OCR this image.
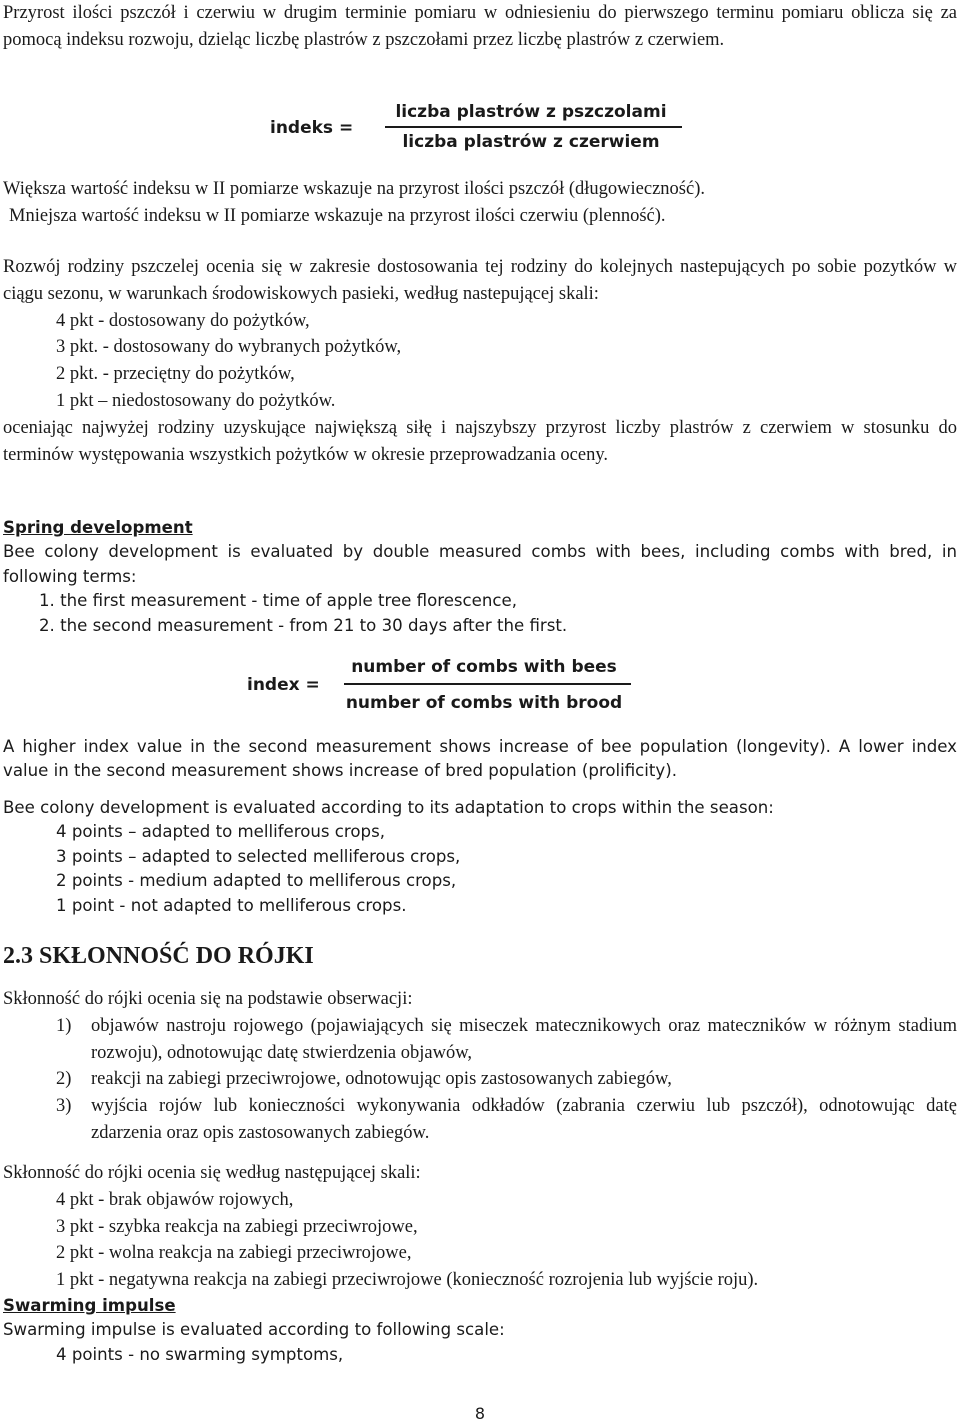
Przyrost ilości pszczół i czerwiu w drugim terminie pomiaru w odniesieniu do pierwszego terminu pomiaru oblicza się za pomocą indeksu rozwoju, dzieląc liczbę plastrów z pszczołami przez liczbę plastrów z czerwiem.

indeks =
liczba plastrów z pszczolami
liczba plastrów z czerwiem
Większa wartość indeksu w II pomiarze wskazuje na przyrost ilości pszczół (długowieczność).
Mniejsza wartość indeksu w II pomiarze wskazuje na przyrost ilości czerwiu (plenność).
Rozwój rodziny pszczelej ocenia się w zakresie dostosowania tej rodziny do kolejnych nastepujących po sobie pozytków w ciągu sezonu, w warunkach środowiskowych pasieki, według nastepującej skali:
4 pkt - dostosowany do pożytków,
3 pkt. - dostosowany do wybranych pożytków,
2 pkt. - przeciętny do pożytków,
1 pkt – niedostosowany do pożytków.
oceniając najwyżej rodziny uzyskujące największą siłę i najszybszy przyrost liczby plastrów z czerwiem w stosunku do terminów występowania wszystkich pożytków w okresie przeprowadzania oceny.
Spring development
Bee colony development is evaluated by double measured combs with bees, including combs with bred, in following terms:
1. the first measurement - time of apple tree florescence,
2. the second measurement - from 21 to 30 days after the first.
index =
number of combs with bees
number of combs with brood
A higher index value in the second measurement shows increase of bee population (longevity). A lower index value in the second measurement shows increase of bred population (prolificity).
Bee colony development is evaluated according to its adaptation to crops within the season:
4 points – adapted to melliferous crops,
3 points – adapted to selected melliferous crops,
2 points - medium adapted to melliferous crops,
1 point - not adapted to melliferous crops.
2.3 SKŁONNOŚĆ DO RÓJKI
Skłonność do rójki ocenia się na podstawie obserwacji:
1)	objawów nastroju rojowego (pojawiających się miseczek matecznikowych oraz mateczników w różnym stadium rozwoju), odnotowując datę stwierdzenia objawów,
2)	reakcji na zabiegi przeciwrojowe, odnotowując opis zastosowanych zabiegów,
3)	wyjścia rojów lub konieczności wykonywania odkładów (zabrania czerwiu lub pszczół), odnotowując datę zdarzenia oraz opis zastosowanych zabiegów.
Skłonność do rójki ocenia się według następującej skali:
4 pkt - brak objawów rojowych,
3 pkt - szybka reakcja na zabiegi przeciwrojowe,
2 pkt - wolna reakcja na zabiegi przeciwrojowe,
1 pkt - negatywna reakcja na zabiegi przeciwrojowe (konieczność rozrojenia lub wyjście roju).
Swarming impulse
Swarming impulse is evaluated according to following scale:
4 points - no swarming symptoms,
8
